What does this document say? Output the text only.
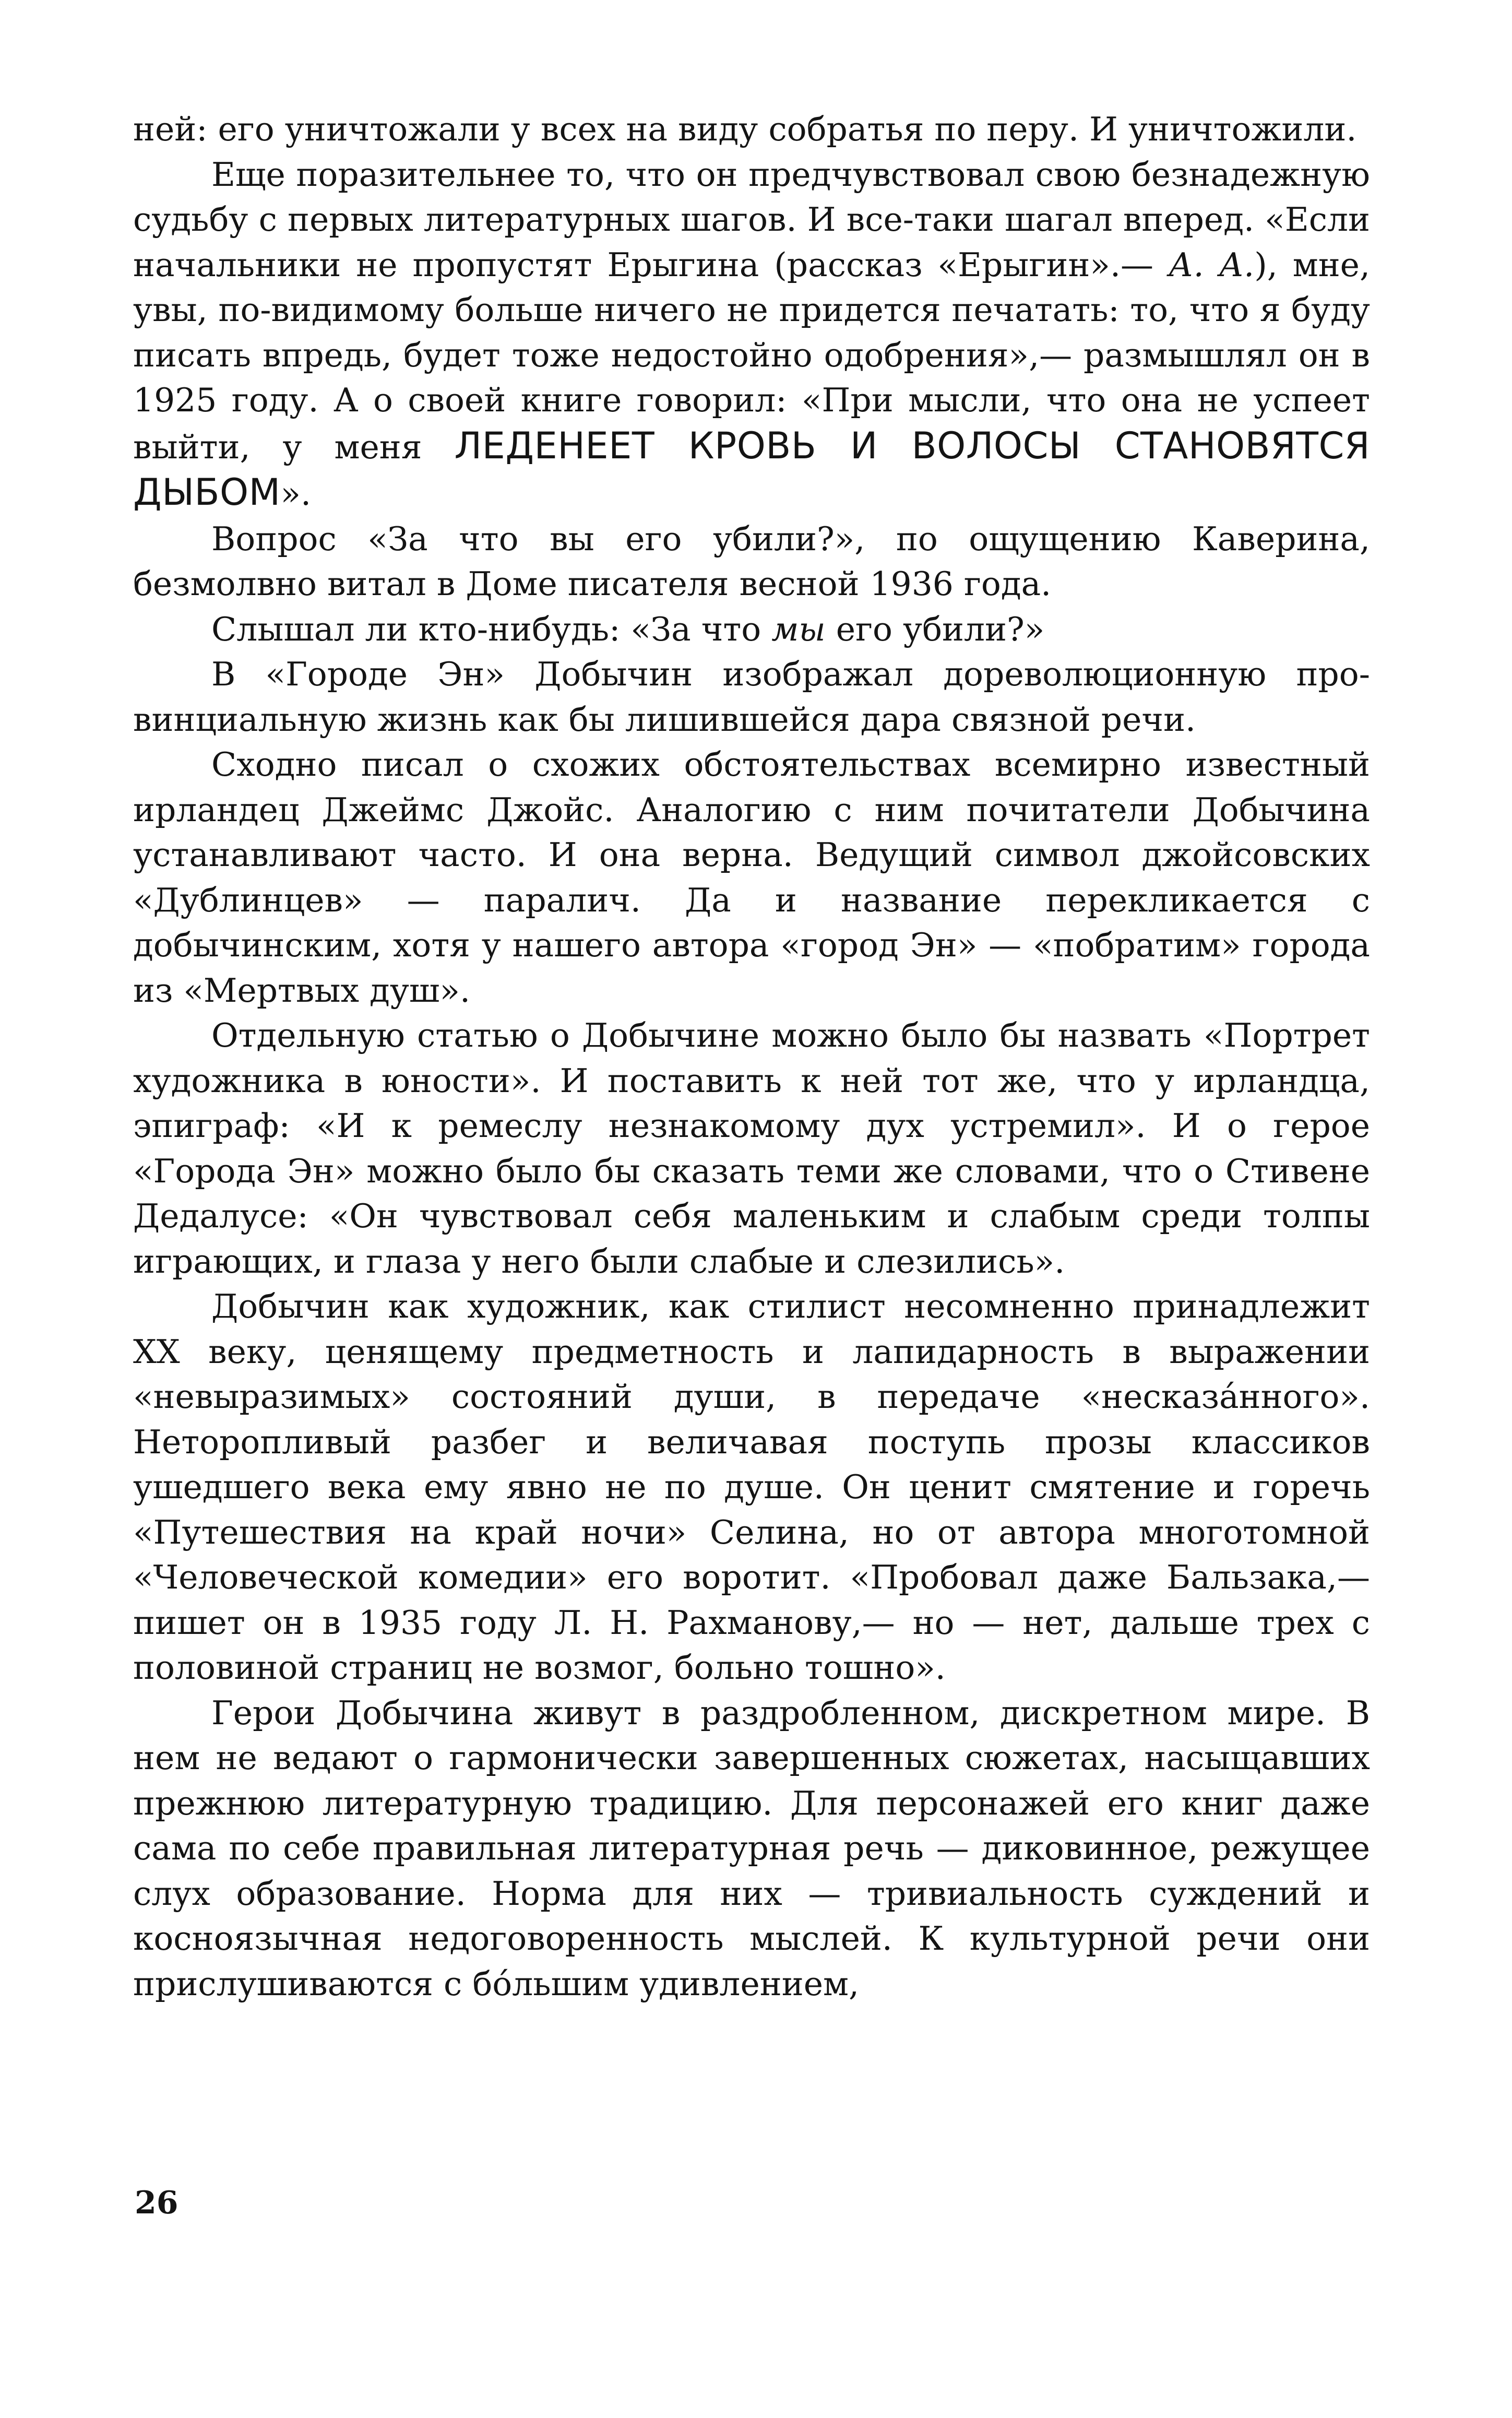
ней: его уничтожали у всех на виду собратья по перу. И уничтожили.

Еще поразительнее то, что он предчувствовал свою безнадежную судьбу с первых литературных шагов. И все-таки шагал вперед. «Если начальники не пропустят Ерыгина (рассказ «Ерыгин».— А. А.), мне, увы, по-видимому больше ничего не придется печатать: то, что я буду писать впредь, будет тоже недостойно одобрения»,— размышлял он в 1925 году. А о своей книге говорил: «При мысли, что она не успеет выйти, у меня ЛЕДЕНЕЕТ КРОВЬ И ВОЛОСЫ СТАНОВЯТСЯ ДЫБОМ».

Вопрос «За что вы его убили?», по ощущению Каверина, безмолвно витал в Доме писателя весной 1936 года.

Слышал ли кто-нибудь: «За что мы его убили?»

В «Городе Эн» Добычин изображал дореволюционную провинциальную жизнь как бы лишившейся дара связной речи.

Сходно писал о схожих обстоятельствах всемирно известный ирландец Джеймс Джойс. Аналогию с ним почитатели Добычина устанавливают часто. И она верна. Ведущий символ джойсовских «Дублинцев» — паралич. Да и название перекликается с добычинским, хотя у нашего автора «город Эн» — «побратим» города из «Мертвых душ».

Отдельную статью о Добычине можно было бы назвать «Портрет художника в юности». И поставить к ней тот же, что у ирландца, эпиграф: «И к ремеслу незнакомому дух устремил». И о герое «Города Эн» можно было бы сказать теми же словами, что о Стивене Дедалусе: «Он чувствовал себя маленьким и слабым среди толпы играющих, и глаза у него были слабые и слезились».

Добычин как художник, как стилист несомненно принадлежит XX веку, ценящему предметность и лапидарность в выражении «невыразимых» состояний души, в передаче «несказáнного». Неторопливый разбег и величавая поступь прозы классиков ушедшего века ему явно не по душе. Он ценит смятение и горечь «Путешествия на край ночи» Селина, но от автора многотомной «Человеческой комедии» его воротит. «Пробовал даже Бальзака,— пишет он в 1935 году Л. Н. Рахманову,— но — нет, дальше трех с половиной страниц не возмог, больно тошно».

Герои Добычина живут в раздробленном, дискретном мире. В нем не ведают о гармонически завершенных сюжетах, насыщавших прежнюю литературную традицию. Для персонажей его книг даже сама по себе правильная литературная речь — диковинное, режущее слух образование. Норма для них — тривиальность суждений и косноязычная недоговоренность мыслей. К культурной речи они прислушиваются с бóльшим удивлением,

26
